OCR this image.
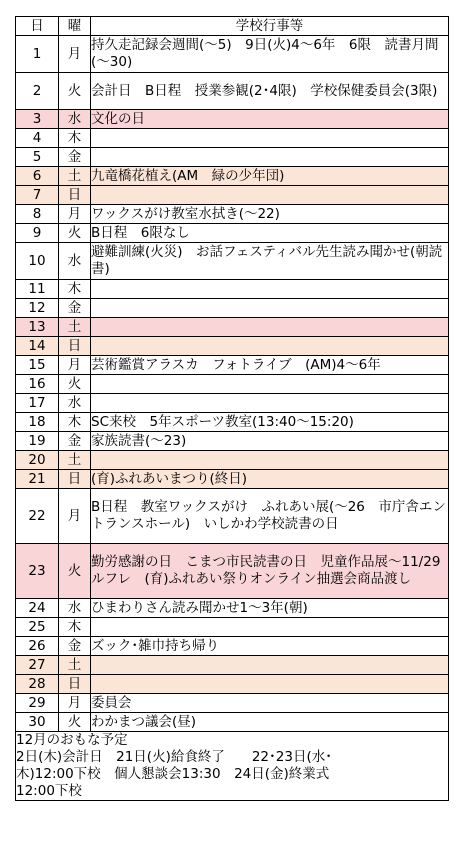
日	曜	学校行事等
1	月	持久走記録会週間(～5)　9日(火)4～6年　6限　読書月間(～30)
2	火	会計日　B日程　授業参観(2･4限)　学校保健委員会(3限)
3	水	文化の日
4	木	
5	金	
6	土	九竜橋花植え(AM　緑の少年団)
7	日	
8	月	ワックスがけ教室水拭き(～22)
9	火	B日程　6限なし
10	水	避難訓練(火災)　お話フェスティバル先生読み聞かせ(朝読書)
11	木	
12	金	
13	土	
14	日	
15	月	芸術鑑賞アラスカ　フォトライブ　(AM)4～6年
16	火	
17	水	
18	木	SC来校　5年スポーツ教室(13:40～15:20)
19	金	家族読書(～23)
20	土	
21	日	(育)ふれあいまつり(終日)
22	月	B日程　教室ワックスがけ　ふれあい展(～26　市庁舎エントランスホール)　いしかわ学校読書の日
23	火	勤労感謝の日　こまつ市民読書の日　児童作品展～11/29　ルフレ　(育)ふれあい祭りオンライン抽選会商品渡し
24	水	ひまわりさん読み聞かせ1～3年(朝)
25	木	
26	金	ズック･雑巾持ち帰り
27	土	
28	日	
29	月	委員会
30	火	わかまつ議会(昼)

12月のおもな予定
2日(木)会計日　21日(火)給食終了　　22･23日(水･
木)12:00下校　個人懇談会13:30　24日(金)終業式
12:00下校		
